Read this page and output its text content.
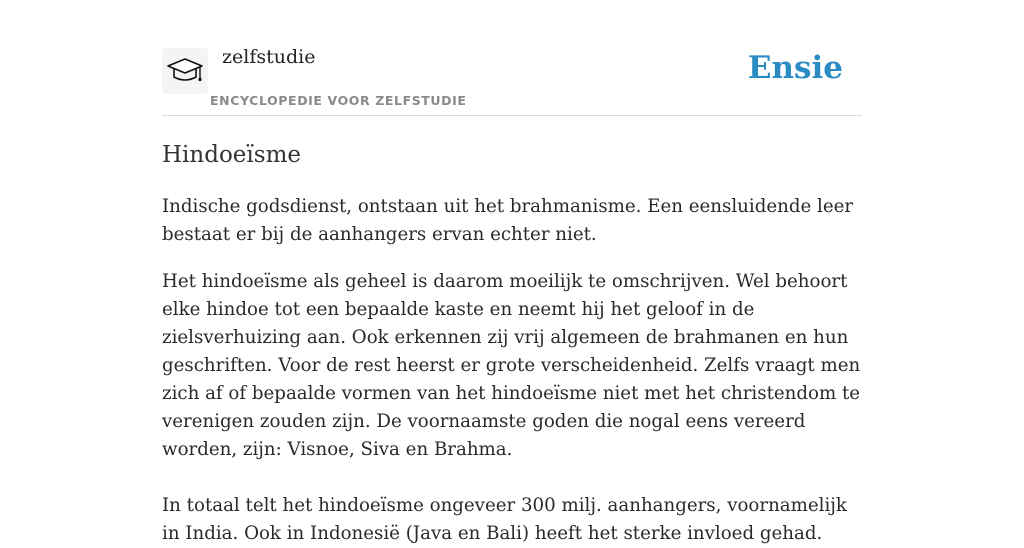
zelfstudie
ENCYCLOPEDIE VOOR ZELFSTUDIE
Ensie
Hindoeïsme

Indische godsdienst, ontstaan uit het brahmanisme. Een eensluidende leer bestaat er bij de aanhangers ervan echter niet.

Het hindoeïsme als geheel is daarom moeilijk te omschrijven. Wel behoort elke hindoe tot een bepaalde kaste en neemt hij het geloof in de zielsverhuizing aan. Ook erkennen zij vrij algemeen de brahmanen en hun geschriften. Voor de rest heerst er grote verscheidenheid. Zelfs vraagt men zich af of bepaalde vormen van het hindoeïsme niet met het christendom te verenigen zouden zijn. De voornaamste goden die nogal eens vereerd worden, zijn: Visnoe, Siva en Brahma.

In totaal telt het hindoeïsme ongeveer 300 milj. aanhangers, voornamelijk in India. Ook in Indonesië (Java en Bali) heeft het sterke invloed gehad.
